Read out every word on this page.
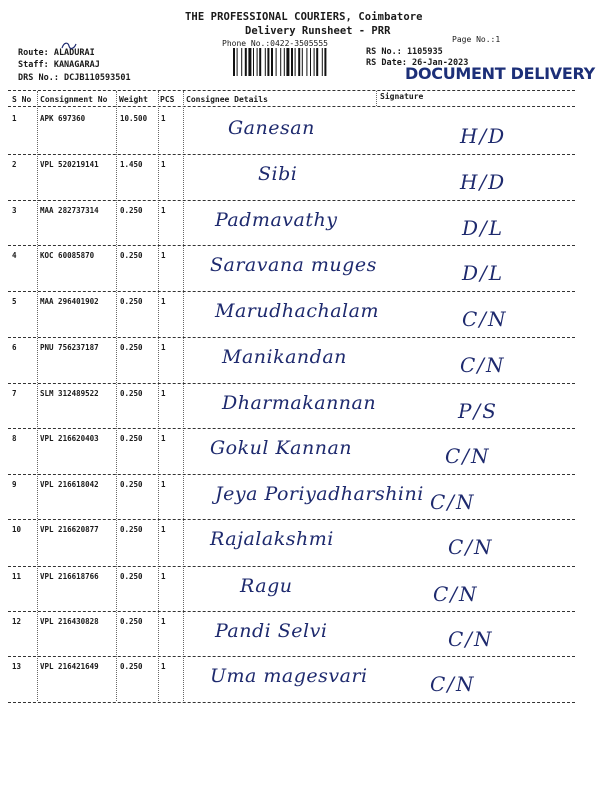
THE PROFESSIONAL COURIERS, Coimbatore
Delivery Runsheet - PRR
Phone No.:0422-3505555	Page No.:1
Route: ALADURAI
Staff: KANAGARAJ
DRS No.: DCJB110593501
RS No.: 1105935
RS Date: 26-Jan-2023
DOCUMENT DELIVERY
S No Consignment No Weight PCS Consignee Details	Signature
1	APK 697360	10.500 1	Ganesan	H/D
2	VPL 520219141	1.450 1	Sibi	H/D
3	MAA 282737314	0.250 1	Padmavathy	D/L
4	KOC 60085870	0.250 1 Saravana muges	D/L
5	MAA 296401902	0.250 1	Marudhachalam	C/N
6	PNU 756237187	0.250 1	Manikandan	C/N
7	SLM 312489522	0.250 1	Dharmakannan	P/S
8	VPL 216620403	0.250 1 Gokul Kannan	C/N
9	VPL 216618042	0.250 1	Jeya Poriyadharshini C/N
10	VPL 216620877	0.250 1 Rajalakshmi	C/N
11	VPL 216618766	0.250 1	Ragu	C/N
12	VPL 216430828	0.250 1	Pandi Selvi	C/N
13	VPL 216421649	0.250 1 Uma magesvari	C/N
